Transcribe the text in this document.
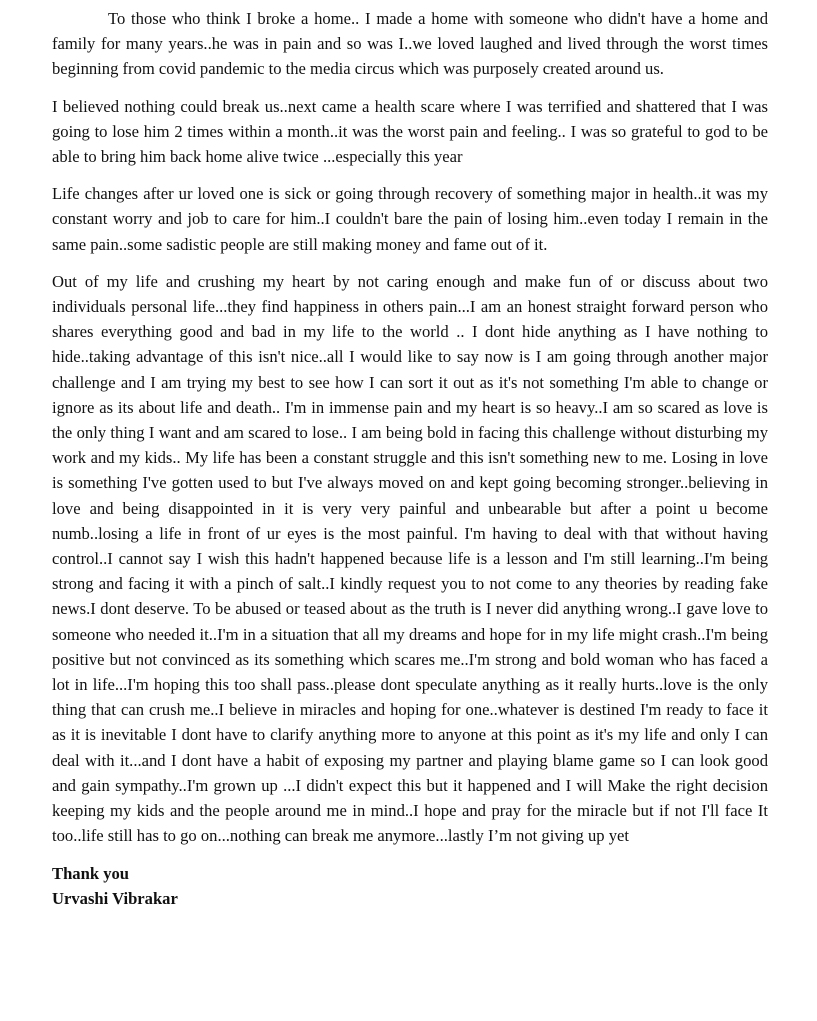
To those who think I broke a home.. I made a home with someone who didn't have a home and family for many years..he was in pain and so was I..we loved laughed and lived through the worst times beginning from covid pandemic to the media circus which was purposely created around us.

I believed nothing could break us..next came a health scare where I was terrified and shattered that I was going to lose him 2 times within a month..it was the worst pain and feeling.. I was so grateful to god to be able to bring him back home alive twice ...especially this year

Life changes after ur loved one is sick or going through recovery of something major in health..it was my constant worry and job to care for him..I couldn't bare the pain of losing him..even today I remain in the same pain..some sadistic people are still making money and fame out of it.

Out of my life and crushing my heart by not caring enough and make fun of or discuss about two individuals personal life...they find happiness in others pain...I am an honest straight forward person who shares everything good and bad in my life to the world .. I dont hide anything as I have nothing to hide..taking advantage of this isn't nice..all I would like to say now is I am going through another major challenge and I am trying my best to see how I can sort it out as it's not something I'm able to change or ignore as its about life and death.. I'm in immense pain and my heart is so heavy..I am so scared as love is the only thing I want and am scared to lose.. I am being bold in facing this challenge without disturbing my work and my kids.. My life has been a constant struggle and this isn't something new to me. Losing in love is something I've gotten used to but I've always moved on and kept going becoming stronger..believing in love and being disappointed in it is very very painful and unbearable but after a point u become numb..losing a life in front of ur eyes is the most painful. I'm having to deal with that without having control..I cannot say I wish this hadn't happened because life is a lesson and I'm still learning..I'm being strong and facing it with a pinch of salt..I kindly request you to not come to any theories by reading fake news.I dont deserve. To be abused or teased about as the truth is I never did anything wrong..I gave love to someone who needed it..I'm in a situation that all my dreams and hope for in my life might crash..I'm being positive but not convinced as its something which scares me..I'm strong and bold woman who has faced a lot in life...I'm hoping this too shall pass..please dont speculate anything as it really hurts..love is the only thing that can crush me..I believe in miracles and hoping for one..whatever is destined I'm ready to face it as it is inevitable I dont have to clarify anything more to anyone at this point as it's my life and only I can deal with it...and I dont have a habit of exposing my partner and playing blame game so I can look good and gain sympathy..I'm grown up ...I didn't expect this but it happened and I will Make the right decision keeping my kids and the people around me in mind..I hope and pray for the miracle but if not I'll face It too..life still has to go on...nothing can break me anymore...lastly I’m not giving up yet

Thank you

Urvashi Vibrakar
